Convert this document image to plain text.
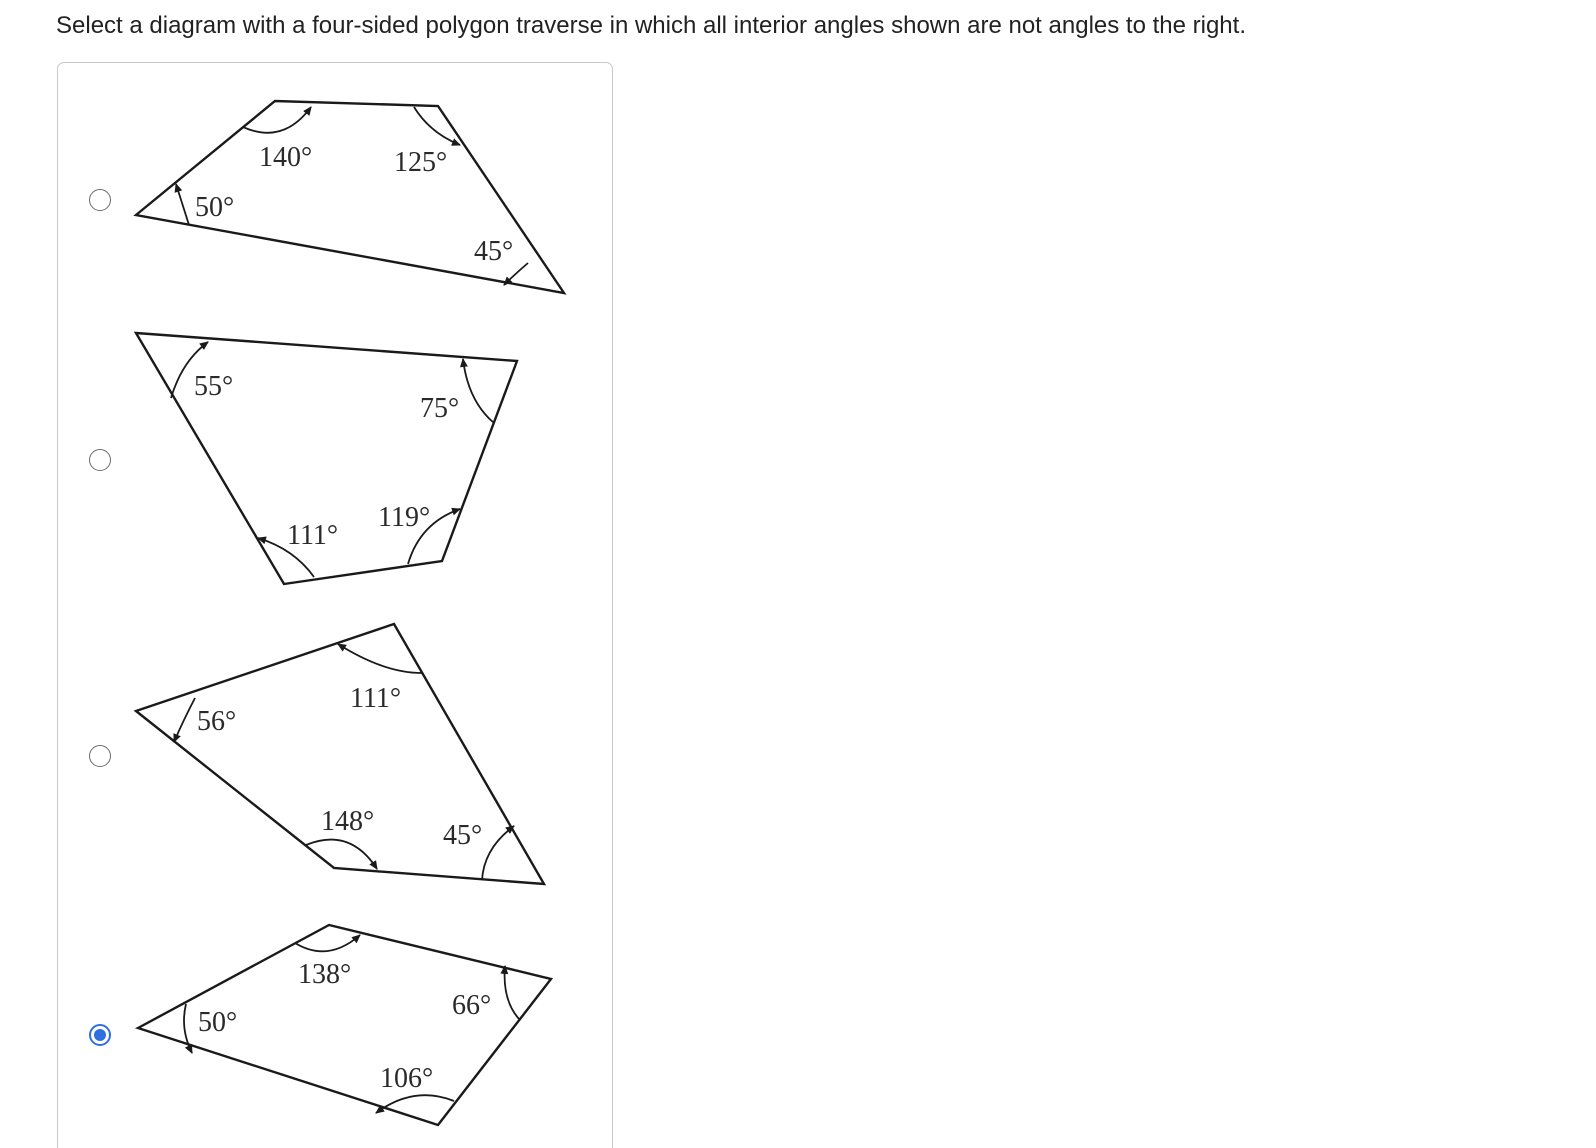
Select a diagram with a four-sided polygon traverse in which all interior angles shown are not angles to the right.
50°
140°	125°
45°
55°
75°
111°
119°
56°
111°
148° 45°
50°
138°
66°
106°
